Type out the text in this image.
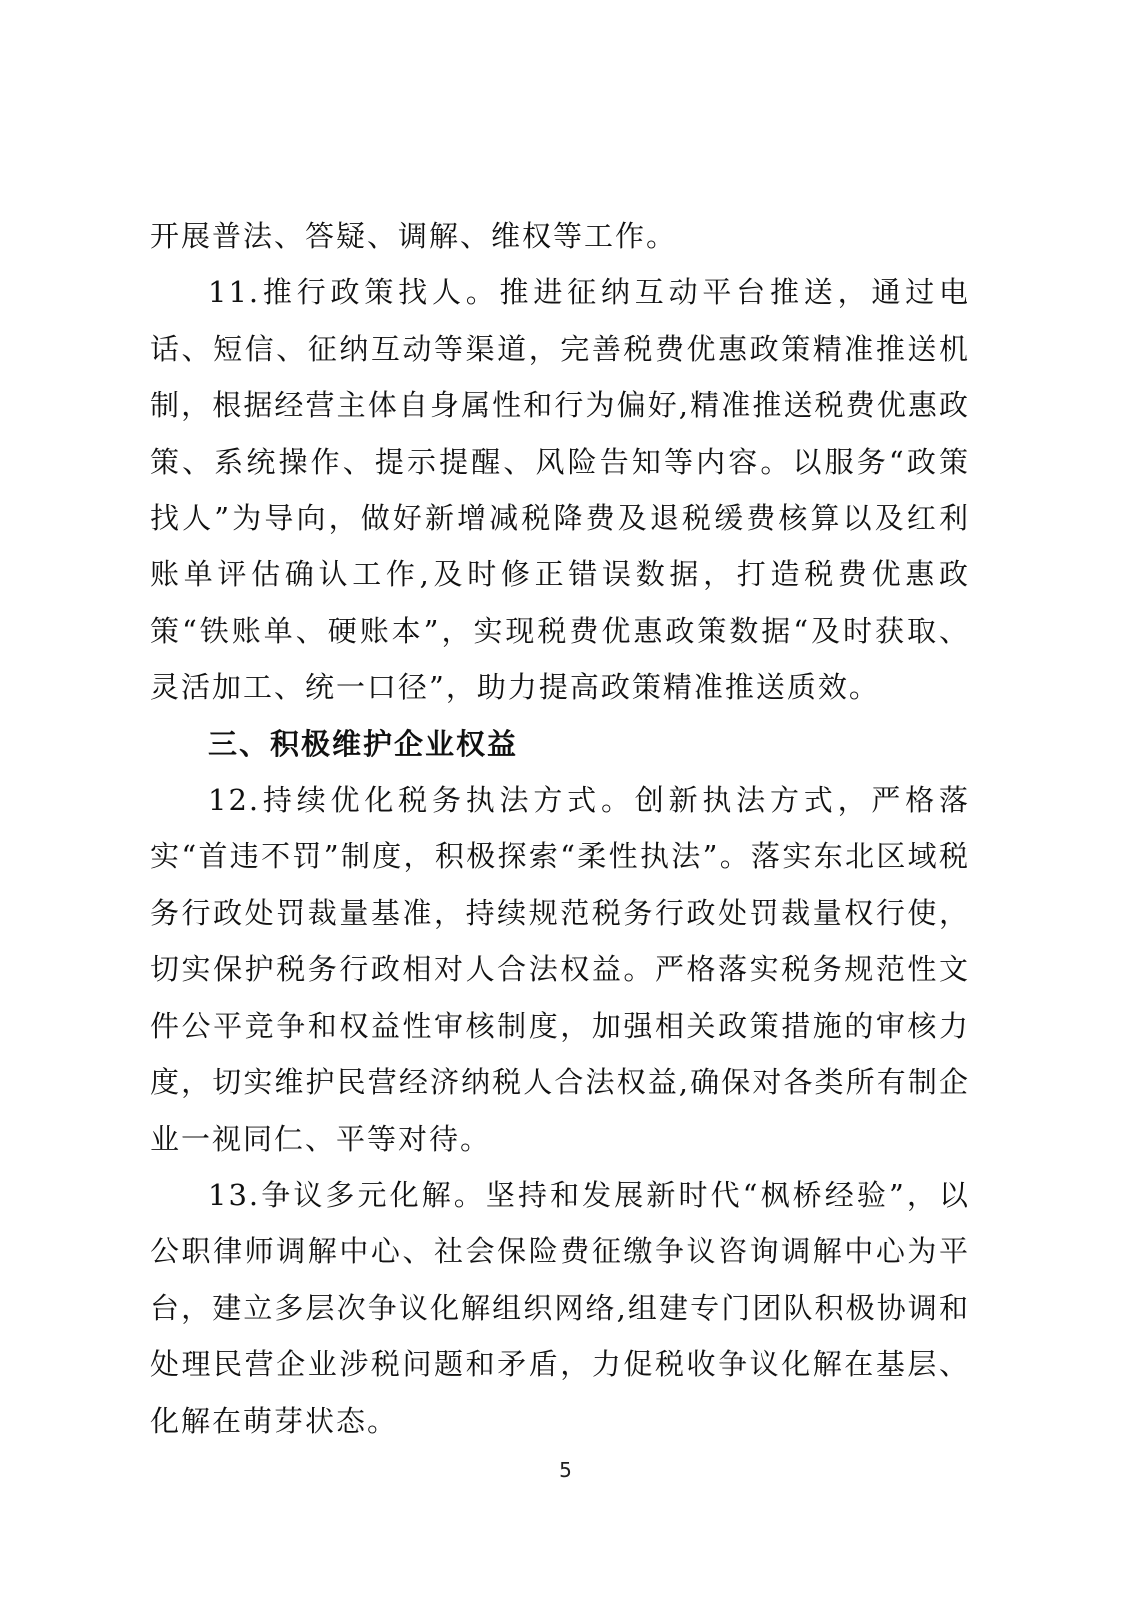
开展普法、答疑、调解、维权等工作。

11.推行政策找人。推进征纳互动平台推送，通过电话、短信、征纳互动等渠道，完善税费优惠政策精准推送机制，根据经营主体自身属性和行为偏好,精准推送税费优惠政策、系统操作、提示提醒、风险告知等内容。以服务“政策找人”为导向，做好新增减税降费及退税缓费核算以及红利账单评估确认工作,及时修正错误数据，打造税费优惠政策“铁账单、硬账本”，实现税费优惠政策数据“及时获取、灵活加工、统一口径”，助力提高政策精准推送质效。

三、积极维护企业权益

12.持续优化税务执法方式。创新执法方式，严格落实“首违不罚”制度，积极探索“柔性执法”。落实东北区域税务行政处罚裁量基准，持续规范税务行政处罚裁量权行使，切实保护税务行政相对人合法权益。严格落实税务规范性文件公平竞争和权益性审核制度，加强相关政策措施的审核力度，切实维护民营经济纳税人合法权益,确保对各类所有制企业一视同仁、平等对待。

13.争议多元化解。坚持和发展新时代“枫桥经验”，以公职律师调解中心、社会保险费征缴争议咨询调解中心为平台，建立多层次争议化解组织网络,组建专门团队积极协调和处理民营企业涉税问题和矛盾，力促税收争议化解在基层、化解在萌芽状态。

5
